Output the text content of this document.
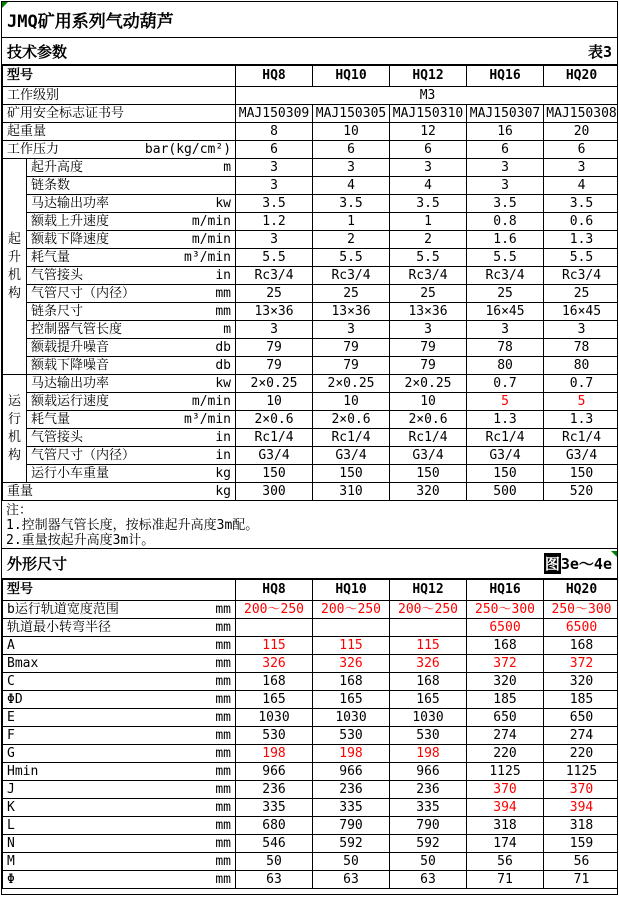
JMQ矿用系列气动葫芦
技术参数	表3
型号		HQ8	HQ10	HQ12	HQ16	HQ20

工作级别		M3				

矿用安全标志证书号		MAJ150309	MAJ150305	MAJ150310	MAJ150307	MAJ150308

起重量		8	10	12	16	20

工作压力 bar(kg/cm²)		6	6	6	6	6

起
升
机
构

起升高度	m	3	3	3	3	3

	链条数	3	4	4	3	4

	马达输出功率 kw	3.5	3.5	3.5	3.5	3.5

	额载上升速度 m/min	1.2	1	1	0.8	0.6

	额载下降速度 m/min	3	2	2	1.6	1.3

	耗气量 m³/min	5.5	5.5	5.5	5.5	5.5

	气管接头 in	Rc3/4	Rc3/4	Rc3/4	Rc3/4	Rc3/4

	气管尺寸（内径） mm	25	25	25	25	25

	链条尺寸 mm	13×36	13×36	13×36	16×45	16×45

	控制器气管长度 m	3	3	3	3	3

	额载提升噪音 db	79	79	79	78	78

	额载下降噪音 db	79	79	79	80	80

运
行
机
构

马达输出功率	kw	2×0.25	2×0.25	2×0.25	0.7	0.7

	额载运行速度 m/min	10	10	10	5	5

	耗气量 m³/min	2×0.6	2×0.6	2×0.6	1.3	1.3

	气管接头 in	Rc1/4	Rc1/4	Rc1/4	Rc1/4	Rc1/4

	气管尺寸（内径） in	G3/4	G3/4	G3/4	G3/4	G3/4

	运行小车重量 kg	150	150	150	150	150

重量 kg		300	310	320	500	520
注：
1.控制器气管长度，按标准起升高度3m配。
2.重量按起升高度3m计。
外形尺寸	图 3e～4e
型号	HQ8	HQ10	HQ12	HQ16	HQ20

b运行轨道宽度范围 mm	200～250	200～250	200～250	250～300	250～300

轨道最小转弯半径 mm				6500	6500

A mm	115	115	115	168	168

Bmax mm	326	326	326	372	372

C mm	168	168	168	320	320

ΦD mm	165	165	165	185	185

E mm	1030	1030	1030	650	650

F mm	530	530	530	274	274

G mm	198	198	198	220	220

Hmin mm	966	966	966	1125	1125

J mm	236	236	236	370	370

K mm	335	335	335	394	394

L mm	680	790	790	318	318

N mm	546	592	592	174	159

M mm	50	50	50	56	56

Φ mm	63	63	63	71	71
